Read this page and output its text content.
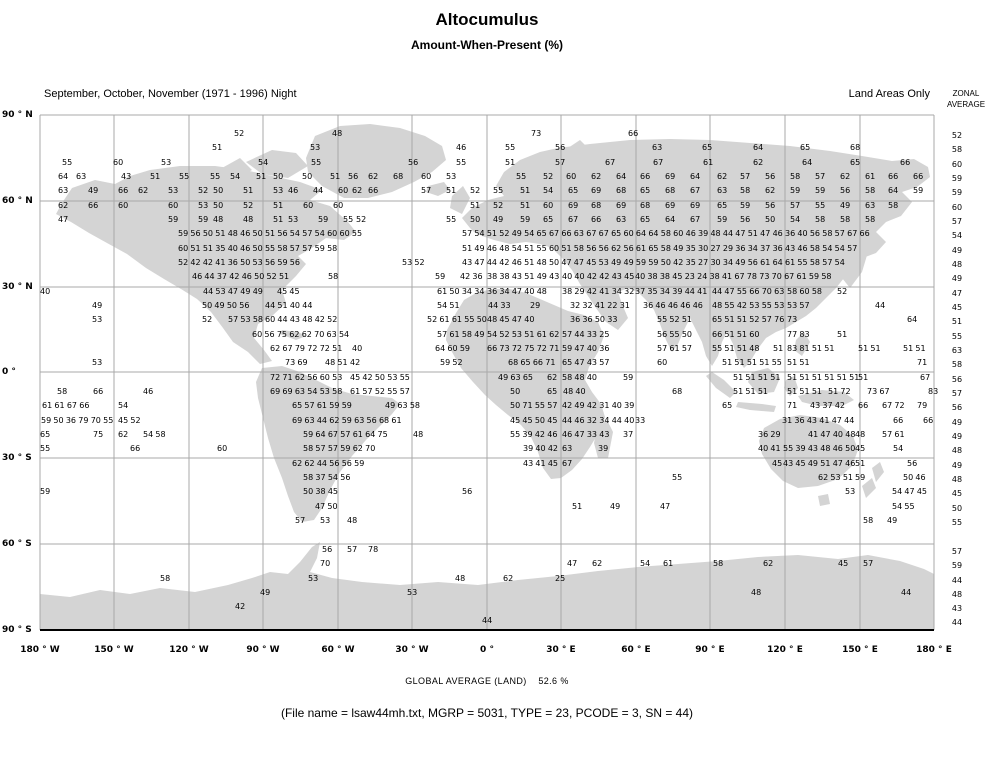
Altocumulus
Amount-When-Present (%)
September, October, November (1971 - 1996) Night	Land Areas Only	ZONAL
AVERAGE
52	48	73	66
51	53	46	55	56	63	65	64	65	68
55	60	53	54	55	56	55	51	57	67	67	61	62	64	65	66
64 63	43 51 55	55 54 51 50 50 51 56 62 68 60 53	55 52 60 62 64 66 69 64 62 57 56 58 57 62 61 66 66
63 49 66 62 53 52 50 51 53 46 44 60 62 66	57 51 52 55 51 54 65 69 68 65 68 67 63 58 62 59 59 56 58 64 59
62 66 60	60 53 50 52 51 60 60	51 52 51 60 69 68 69 68 69 69 65 59 56 57 55 49 63 58
47	59 59 48 48 51 53 59 55 52	55 50 49 59 65 67 66 63 65 64 67 59 56 50 54 58 58 58
59 56 50 51 48 46 50 51 56 54 57 54 60 60 55	57 54 51 52 49 54 65 67 66 63 67 67 65 60 64 64 58 60 46 39 48 44 47 51 47 46 36 40 56 58 57 67 66
60 51 51 35 40 46 50 55 58 57 57 59 58	51 49 46 48 54 51 55 60 51 58 56 56 62 56 61 65 58 49 35 30 27 29 36 34 37 36 43 46 58 54 54 57
52 42 42 41 36 50 53 56 59 56	53 52	43 47 44 42 46 51 48 50 47 47 45 53 49 49 59 59 50 42 35 27 30 34 49 56 61 64 61 55 58 57 54
46 44 37 42 46 50 52 51	58	59 42 36 38 38 43 51 49 43 40 40 42 42 43 45 40 38 38 45 23 24 38 41 67 78 73 70 67 61 59 58
40	44 53 47 49 49 45 45	61 50 34 34 36 34 47 40 48 38 29 42 41 34 32 37 35 34 39 44 41 44 47 55 66 70 63 58 60 58 52
49	50 49 50 56 44 51 40 44	54 51	44 33 29	32 32 41 22 31 36 46 46 46 46 48 55 42 53 55 53 53 57	44
53	52 57 53 58 60 44 43 48 42 52	52 61 61 55 50 48 45 47 40	36 36 50 33	55 52 51 65 51 51 52 57 76 73	64
60 56 75 62 62 70 63 54	57 61 58 49 54 52 53 51 61 62 57 44 33 25	56 55 50 66 51 51 60	77 83	51
62 67 79 72 72 51 40	64 60 59 66 73 72 75 72 71 59 47 40 36	57 61 57 55 51 51 48 51 83 81 51 51	51 51	51 51
53	73 69 48 51 42	59 52	68 65 66 71 65 47 43 57	60	51 51 51 51 55 51 51	71
72 71 62 56 60 53 45 42 50 53 55	49 63 65 62 58 48 40	59	51 51 51 51 51 51 51 51 51 51
51	67
58	66	46	69 69 63 54 53 58 61 57 52 55 57	50	65 48 40	68	51 51 51 51 51 51 51 72 73 67	83
61 61 67 66	54	65 57 61 59 59	49 63 58	50 71 55 57 42 49 42 31 40 39	65	71 43 37 42 66 67 72 79
59 50 36 79 70 55 45 52	69 63 44 62 59 63 56 68 61	45 45 50 45 44 46 32 34 44 40 33	31 36 43 41 47 44	66 66
65	75 62 54 58	59 64 67 57 61 64 75	48	55 39 42 46 46 47 33 43 37	36 29	41 47 40 48 48 57 61
55	66	60	58 57 57 59 62 70	39 40 42 63	39	40 41 55 39 43 48 46 50 45	54
62 62 44 56 56 59	43 41 45 67	45 43 45 49 51 47 46 51	56
58 37 54 56	55	62 53 51 59	50 46
59	50 38 45	56	53	54 47 45
47 50	51	49	47	54 55
57 53 48	58 49
56 57 78
70	47 62	54 61	58	62	45 57
58	53	48	62	25
49	53	48	44
42
44
52
58
60
59
59
60
57
54
49
48
49
47
45
51
55
63
58
56
57
56
49
49
48
49
48
45
50
55
57
59
44
48
43
44
90 ° N
60 ° N
30 ° N
0 °
30 ° S
60 ° S
90 ° S
180 ° W	150 ° W	120 ° W	90 ° W	60 ° W	30 ° W	0 °	30 ° E	60 ° E	90 ° E	120 ° E	150 ° E	180 ° E
GLOBAL AVERAGE (LAND) 52.6 %
(File name = lsaw44mh.txt, MGRP = 5031, TYPE = 23, PCODE = 3, SN = 44)
